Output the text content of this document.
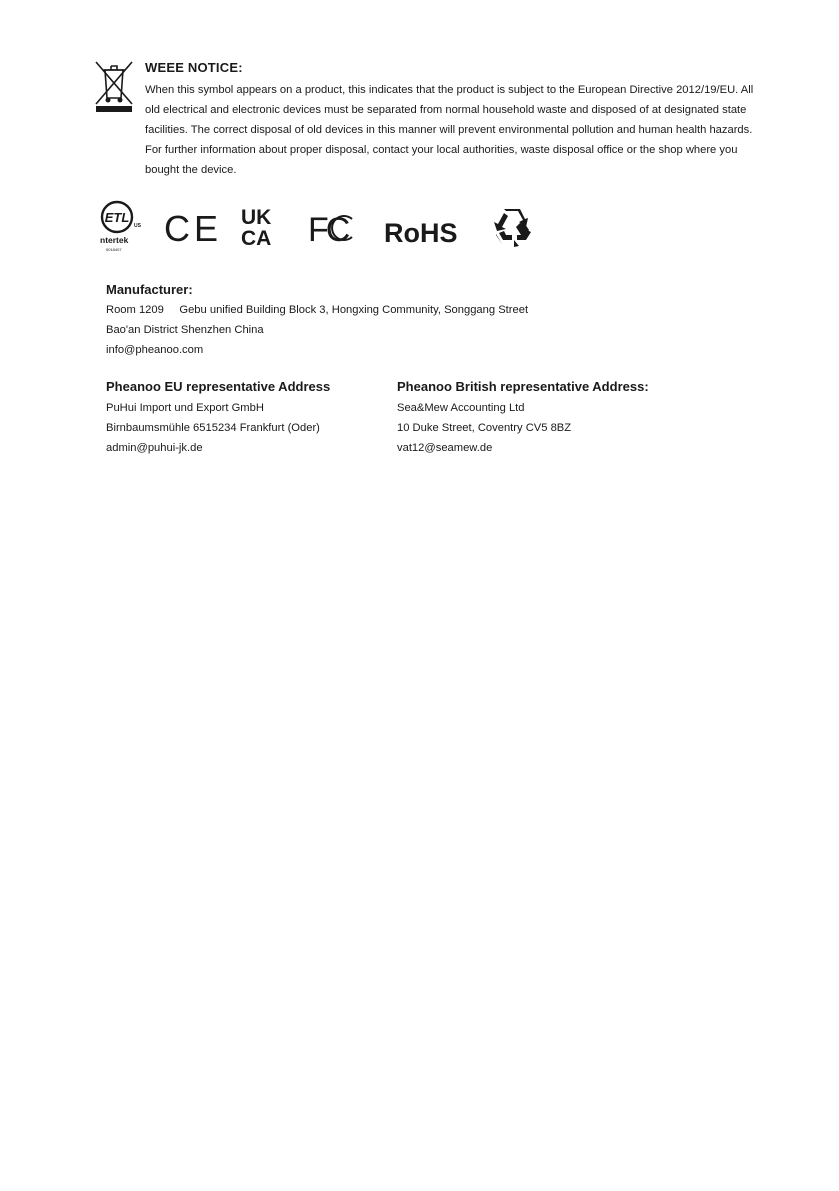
WEEE NOTICE:
When this symbol appears on a product, this indicates that the product is subject to the European Directive 2012/19/EU. All old electrical and electronic devices must be separated from normal household waste and disposed of at designated state facilities. The correct disposal of old devices in this manner will prevent environmental pollution and human health hazards. For further information about proper disposal, contact your local authorities, waste disposal office or the shop where you bought the device.
ETL
US
ntertek
5018407
CE UK
CA FC RoHS
Manufacturer:
Room 1209     Gebu unified Building Block 3, Hongxing Community, Songgang Street
Bao'an District Shenzhen China
info@pheanoo.com
Pheanoo EU representative Address
PuHui Import und Export GmbH
Birnbaumsmühle 6515234 Frankfurt (Oder)
admin@puhui-jk.de
Pheanoo British representative Address:
Sea&Mew Accounting Ltd
10 Duke Street, Coventry CV5 8BZ
vat12@seamew.de
